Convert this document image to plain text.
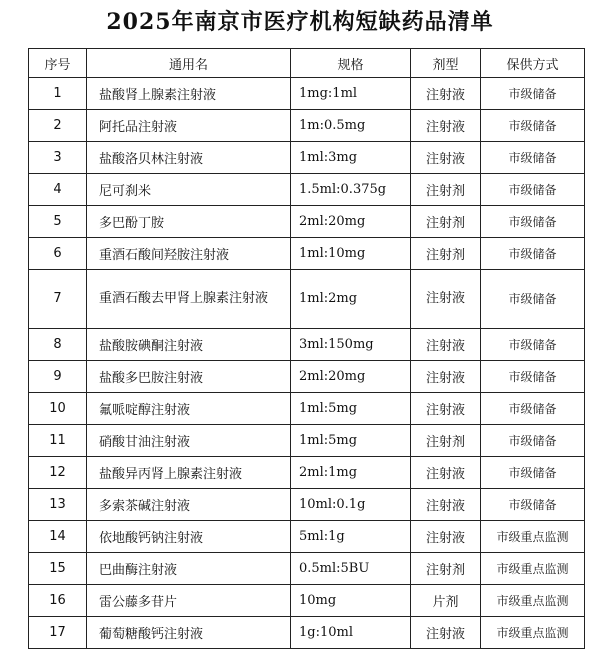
2025年南京市医疗机构短缺药品清单
序号	通用名	规格	剂型	保供方式
1	盐酸肾上腺素注射液	1mg:1ml	注射液	市级储备
2	阿托品注射液	1m:0.5mg	注射液	市级储备
3	盐酸洛贝林注射液	1ml:3mg	注射液	市级储备
4	尼可刹米	1.5ml:0.375g	注射剂	市级储备
5	多巴酚丁胺	2ml:20mg	注射剂	市级储备
6	重酒石酸间羟胺注射液	1ml:10mg	注射剂	市级储备
7	重酒石酸去甲肾上腺素注射液	1ml:2mg	注射液	市级储备
8	盐酸胺碘酮注射液	3ml:150mg	注射液	市级储备
9	盐酸多巴胺注射液	2ml:20mg	注射液	市级储备
10	氟哌啶醇注射液	1ml:5mg	注射液	市级储备
11	硝酸甘油注射液	1ml:5mg	注射剂	市级储备
12	盐酸异丙肾上腺素注射液	2ml:1mg	注射液	市级储备
13	多索茶碱注射液	10ml:0.1g	注射液	市级储备
14	依地酸钙钠注射液	5ml:1g	注射液	市级重点监测
15	巴曲酶注射液	0.5ml:5BU	注射剂	市级重点监测
16	雷公藤多苷片	10mg	片剂	市级重点监测
17	葡萄糖酸钙注射液	1g:10ml	注射液	市级重点监测
